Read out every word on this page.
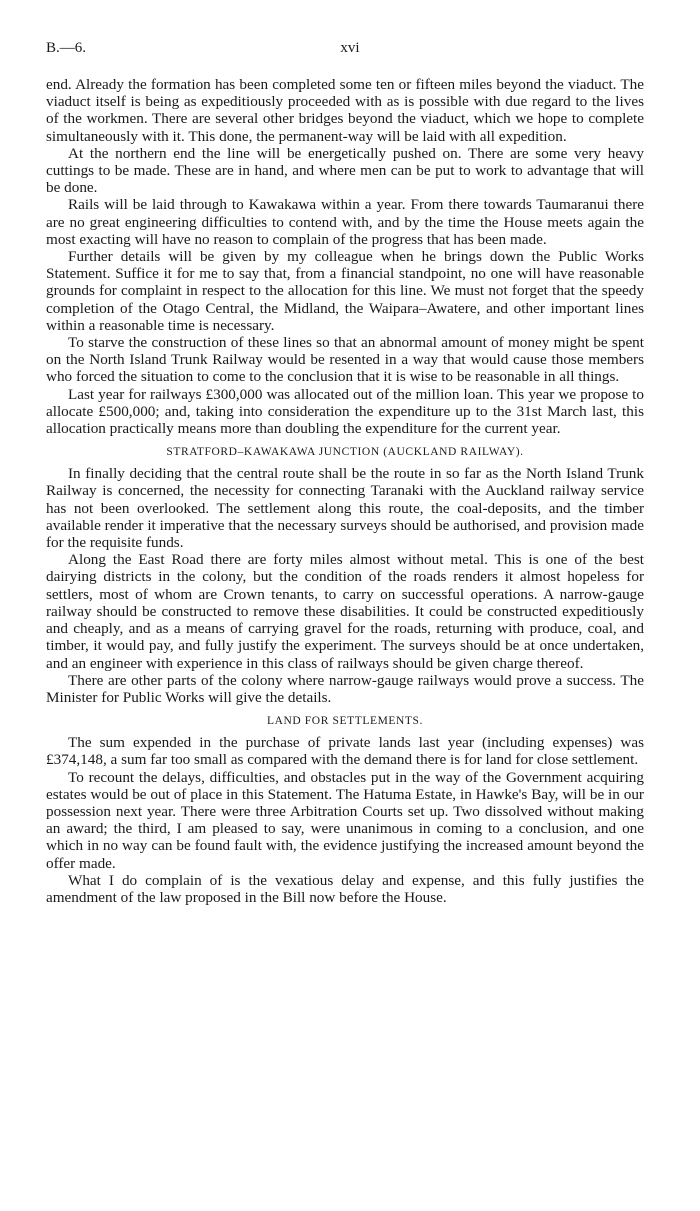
B.—6.	xvi

end. Already the formation has been completed some ten or fifteen miles beyond the viaduct. The viaduct itself is being as expeditiously proceeded with as is possible with due regard to the lives of the workmen. There are several other bridges beyond the viaduct, which we hope to complete simultaneously with it. This done, the permanent-way will be laid with all expedition.

At the northern end the line will be energetically pushed on. There are some very heavy cuttings to be made. These are in hand, and where men can be put to work to advantage that will be done.

Rails will be laid through to Kawakawa within a year. From there towards Taumaranui there are no great engineering difficulties to contend with, and by the time the House meets again the most exacting will have no reason to complain of the progress that has been made.

Further details will be given by my colleague when he brings down the Public Works Statement. Suffice it for me to say that, from a financial standpoint, no one will have reasonable grounds for complaint in respect to the allocation for this line. We must not forget that the speedy completion of the Otago Central, the Midland, the Waipara–Awatere, and other important lines within a reasonable time is necessary.

To starve the construction of these lines so that an abnormal amount of money might be spent on the North Island Trunk Railway would be resented in a way that would cause those members who forced the situation to come to the conclusion that it is wise to be reasonable in all things.

Last year for railways £300,000 was allocated out of the million loan. This year we propose to allocate £500,000; and, taking into consideration the expenditure up to the 31st March last, this allocation practically means more than doubling the expenditure for the current year.

STRATFORD–KAWAKAWA JUNCTION (AUCKLAND RAILWAY).

In finally deciding that the central route shall be the route in so far as the North Island Trunk Railway is concerned, the necessity for connecting Taranaki with the Auckland railway service has not been overlooked. The settlement along this route, the coal-deposits, and the timber available render it imperative that the necessary surveys should be authorised, and provision made for the requisite funds.

Along the East Road there are forty miles almost without metal. This is one of the best dairying districts in the colony, but the condition of the roads renders it almost hopeless for settlers, most of whom are Crown tenants, to carry on successful operations. A narrow-gauge railway should be constructed to remove these disabilities. It could be constructed expeditiously and cheaply, and as a means of carrying gravel for the roads, returning with produce, coal, and timber, it would pay, and fully justify the experiment. The surveys should be at once undertaken, and an engineer with experience in this class of railways should be given charge thereof.

There are other parts of the colony where narrow-gauge railways would prove a success. The Minister for Public Works will give the details.

LAND FOR SETTLEMENTS.

The sum expended in the purchase of private lands last year (including expenses) was £374,148, a sum far too small as compared with the demand there is for land for close settlement.

To recount the delays, difficulties, and obstacles put in the way of the Government acquiring estates would be out of place in this Statement. The Hatuma Estate, in Hawke's Bay, will be in our possession next year. There were three Arbitration Courts set up. Two dissolved without making an award; the third, I am pleased to say, were unanimous in coming to a conclusion, and one which in no way can be found fault with, the evidence justifying the increased amount beyond the offer made.

What I do complain of is the vexatious delay and expense, and this fully justifies the amendment of the law proposed in the Bill now before the House.
